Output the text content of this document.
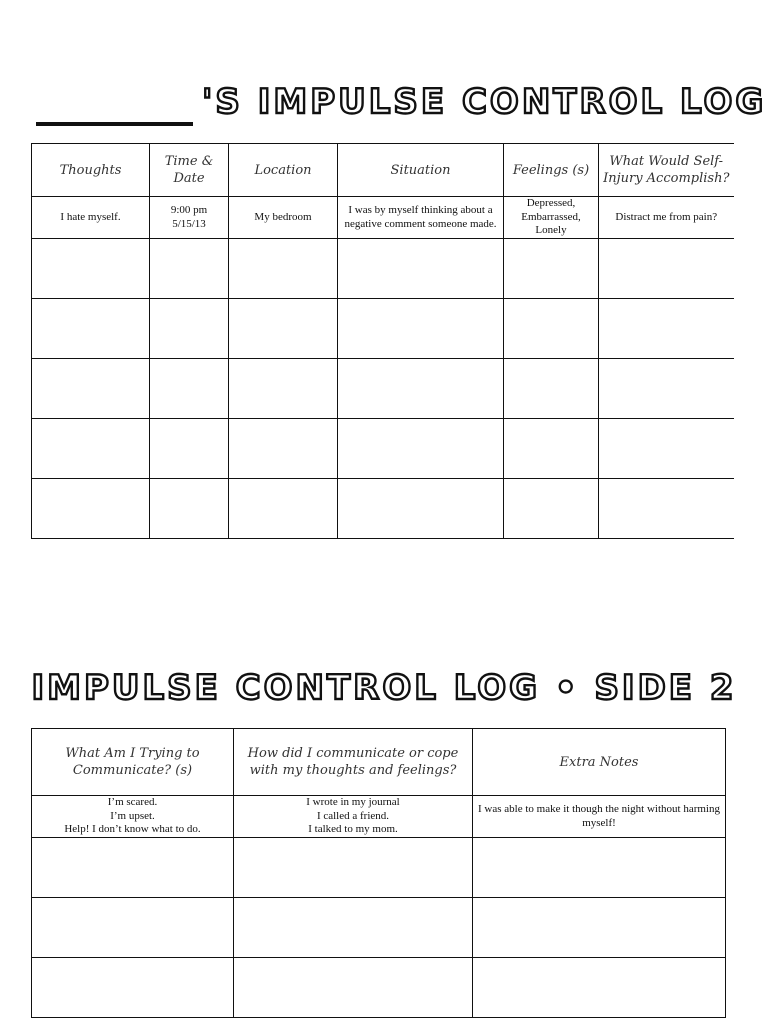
'S IMPULSE CONTROL LOG
Thoughts	Time & Date	Location	Situation	Feelings (s)	What Would Self-Injury Accomplish?
I hate myself.	9:00 pm
5/15/13	My bedroom	I was by myself thinking about a negative comment someone made.	Depressed,
Embarrassed,
Lonely	Distract me from pain?

IMPULSE CONTROL LOG • SIDE 2
What Am I Trying to Communicate? (s)	How did I communicate or cope with my thoughts and feelings?	Extra Notes
I’m scared.
I’m upset.
Help! I don’t know what to do.	I wrote in my journal
I called a friend.
I talked to my mom.	I was able to make it though the night without harming myself!
